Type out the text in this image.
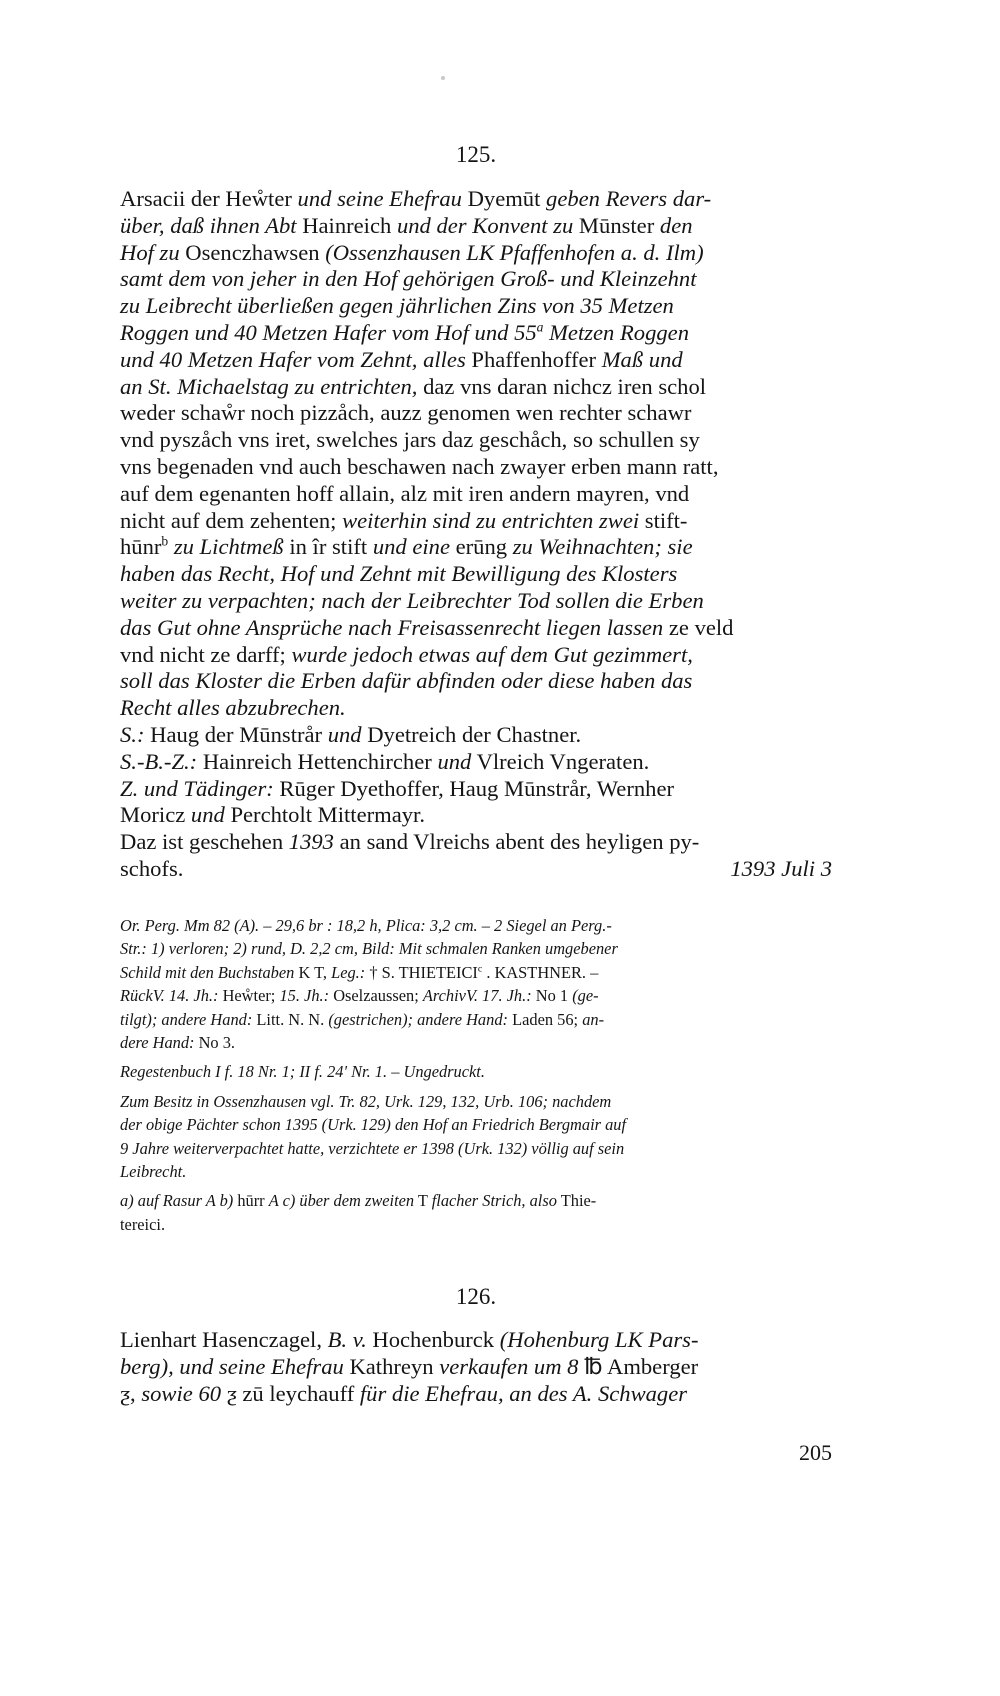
125.
Arsacii der Heẘter und seine Ehefrau Dyemūt geben Revers dar-
über, daß ihnen Abt Hainreich und der Konvent zu Mūnster den
Hof zu Osenczhawsen (Ossenzhausen LK Pfaffenhofen a. d. Ilm)
samt dem von jeher in den Hof gehörigen Groß- und Kleinzehnt
zu Leibrecht überließen gegen jährlichen Zins von 35 Metzen
Roggen und 40 Metzen Hafer vom Hof und 55$^a$ Metzen Roggen
und 40 Metzen Hafer vom Zehnt, alles Phaffenhoffer Maß und
an St. Michaelstag zu entrichten, daz vns daran nichcz iren schol
weder schaẘr noch pizzåch, auzz genomen wen rechter schawr
vnd pyszåch vns iret, swelches jars daz geschåch, so schullen sy
vns begenaden vnd auch beschawen nach zwayer erben mann ratt,
auf dem egenanten hoff allain, alz mit iren andern mayren, vnd
nicht auf dem zehenten; weiterhin sind zu entrichten zwei stift-
hūnr$^b$ zu Lichtmeß in îr stift und eine erūng zu Weihnachten; sie
haben das Recht, Hof und Zehnt mit Bewilligung des Klosters
weiter zu verpachten; nach der Leibrechter Tod sollen die Erben
das Gut ohne Ansprüche nach Freisassenrecht liegen lassen ze veld
vnd nicht ze darff; wurde jedoch etwas auf dem Gut gezimmert,
soll das Kloster die Erben dafür abfinden oder diese haben das
Recht alles abzubrechen.
S.: Haug der Mūnstrår und Dyetreich der Chastner.
S.-B.-Z.: Hainreich Hettenchircher und Vlreich Vngeraten.
Z. und Tädinger: Rūger Dyethoffer, Haug Mūnstrår, Wernher
Moricz und Perchtolt Mittermayr.
Daz ist geschehen 1393 an sand Vlreichs abent des heyligen py-
schofs.	1393 Juli 3
Or. Perg. Mm 82 (A). – 29,6 br : 18,2 h, Plica: 3,2 cm. – 2 Siegel an Perg.-
Str.: 1) verloren; 2) rund, D. 2,2 cm, Bild: Mit schmalen Ranken umgebener
Schild mit den Buchstaben K T, Leg.: † S. THIETEICI$^c$ . KASTHNER. –
RückV. 14. Jh.: Heẘter; 15. Jh.: Oselzaussen; ArchivV. 17. Jh.: No 1 (ge-
tilgt); andere Hand: Litt. N. N. (gestrichen); andere Hand: Laden 56; an-
dere Hand: No 3.
Regestenbuch I f. 18 Nr. 1; II f. 24' Nr. 1. – Ungedruckt.
Zum Besitz in Ossenzhausen vgl. Tr. 82, Urk. 129, 132, Urb. 106; nachdem
der obige Pächter schon 1395 (Urk. 129) den Hof an Friedrich Bergmair auf
9 Jahre weiterverpachtet hatte, verzichtete er 1398 (Urk. 132) völlig auf sein
Leibrecht.
a) auf Rasur A b) hūrr A c) über dem zweiten T flacher Strich, also Thie-
tereici.
126.
Lienhart Hasenczagel, B. v. Hochenburck (Hohenburg LK Pars-
berg), und seine Ehefrau Kathreyn verkaufen um 8 ℔ Amberger
ƺ, sowie 60 ƺ zū leychauff für die Ehefrau, an des A. Schwager
205
